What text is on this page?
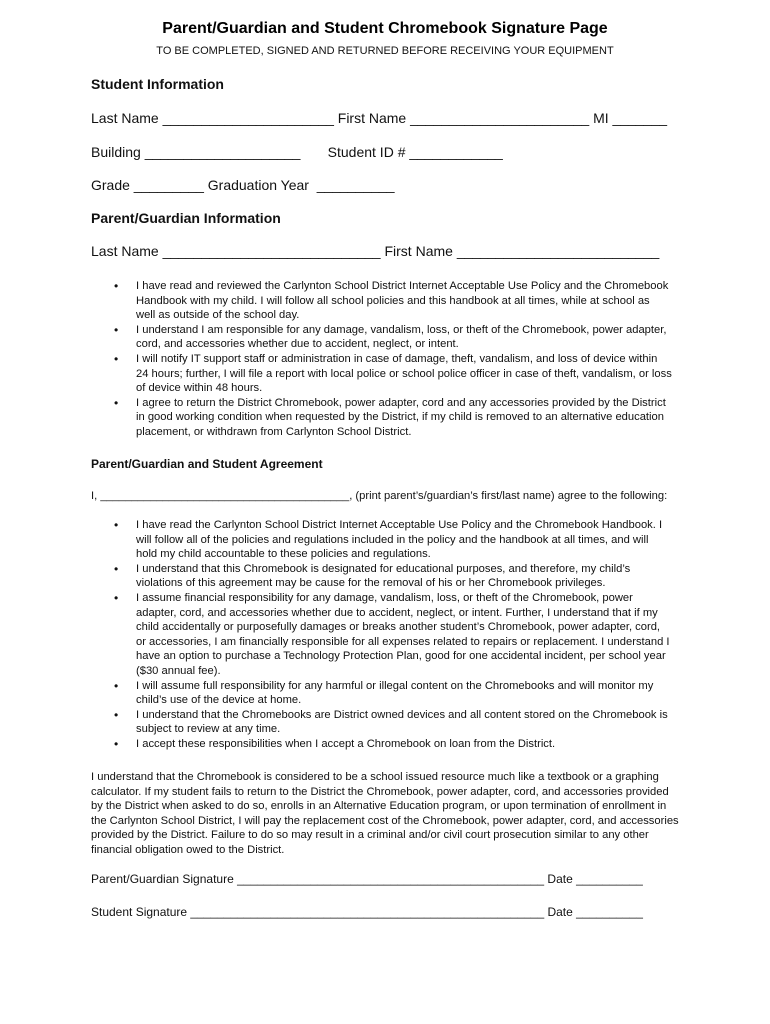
Parent/Guardian and Student Chromebook Signature Page
TO BE COMPLETED, SIGNED AND RETURNED BEFORE RECEIVING YOUR EQUIPMENT
Student Information
Last Name ______________________ First Name _______________________ MI _______
Building ____________________       Student ID # ____________
Grade _________ Graduation Year  __________
Parent/Guardian Information
Last Name ____________________________ First Name __________________________
• I have read and reviewed the Carlynton School District Internet Acceptable Use Policy and the Chromebook Handbook with my child. I will follow all school policies and this handbook at all times, while at school as well as outside of the school day.
• I understand I am responsible for any damage, vandalism, loss, or theft of the Chromebook, power adapter, cord, and accessories whether due to accident, neglect, or intent.
• I will notify IT support staff or administration in case of damage, theft, vandalism, and loss of device within 24 hours; further, I will file a report with local police or school police officer in case of theft, vandalism, or loss of device within 48 hours.
• I agree to return the District Chromebook, power adapter, cord and any accessories provided by the District in good working condition when requested by the District, if my child is removed to an alternative education placement, or withdrawn from Carlynton School District.
Parent/Guardian and Student Agreement
I, ________________________________________, (print parent’s/guardian’s first/last name) agree to the following:
• I have read the Carlynton School District Internet Acceptable Use Policy and the Chromebook Handbook. I will follow all of the policies and regulations included in the policy and the handbook at all times, and will hold my child accountable to these policies and regulations.
• I understand that this Chromebook is designated for educational purposes, and therefore, my child’s violations of this agreement may be cause for the removal of his or her Chromebook privileges.
• I assume financial responsibility for any damage, vandalism, loss, or theft of the Chromebook, power adapter, cord, and accessories whether due to accident, neglect, or intent. Further, I understand that if my child accidentally or purposefully damages or breaks another student’s Chromebook, power adapter, cord, or accessories, I am financially responsible for all expenses related to repairs or replacement. I understand I have an option to purchase a Technology Protection Plan, good for one accidental incident, per school year ($30 annual fee).
• I will assume full responsibility for any harmful or illegal content on the Chromebooks and will monitor my child’s use of the device at home.
• I understand that the Chromebooks are District owned devices and all content stored on the Chromebook is subject to review at any time.
• I accept these responsibilities when I accept a Chromebook on loan from the District.
I understand that the Chromebook is considered to be a school issued resource much like a textbook or a graphing calculator. If my student fails to return to the District the Chromebook, power adapter, cord, and accessories provided by the District when asked to do so, enrolls in an Alternative Education program, or upon termination of enrollment in the Carlynton School District, I will pay the replacement cost of the Chromebook, power adapter, cord, and accessories provided by the District. Failure to do so may result in a criminal and/or civil court prosecution similar to any other financial obligation owed to the District.
Parent/Guardian Signature ______________________________________________ Date __________
Student Signature _____________________________________________________ Date __________
